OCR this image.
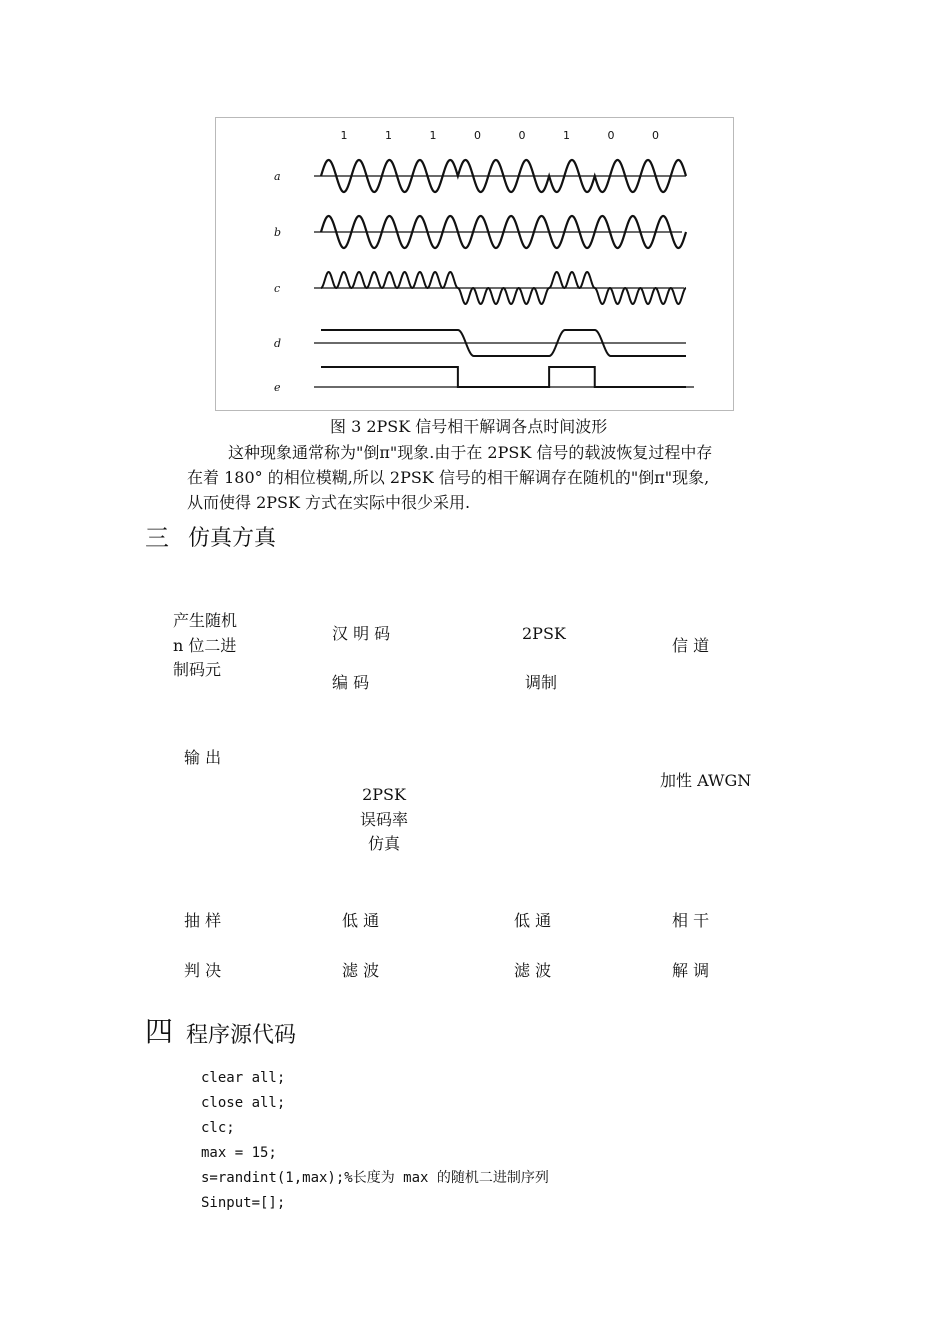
1	1	1	0	0	1	0	0
a
b
c
d
e
图 3 2PSK 信号相干解调各点时间波形
这种现象通常称为"倒π"现象.由于在 2PSK 信号的载波恢复过程中存
在着 180° 的相位模糊,所以 2PSK 信号的相干解调存在随机的"倒π"现象,
从而使得 2PSK 方式在实际中很少采用.
三 仿真方真
产生随机
n 位二进
制码元
汉 明 码
编 码
2PSK
调制
信 道
输 出
加性 AWGN
2PSK
误码率
仿真
抽 样
判 决
低 通
滤 波
低 通
滤 波
相 干
解 调
四 程序源代码
clear all;
close all;
clc;
max = 15;
s=randint(1,max);%长度为 max 的随机二进制序列
Sinput=[];
